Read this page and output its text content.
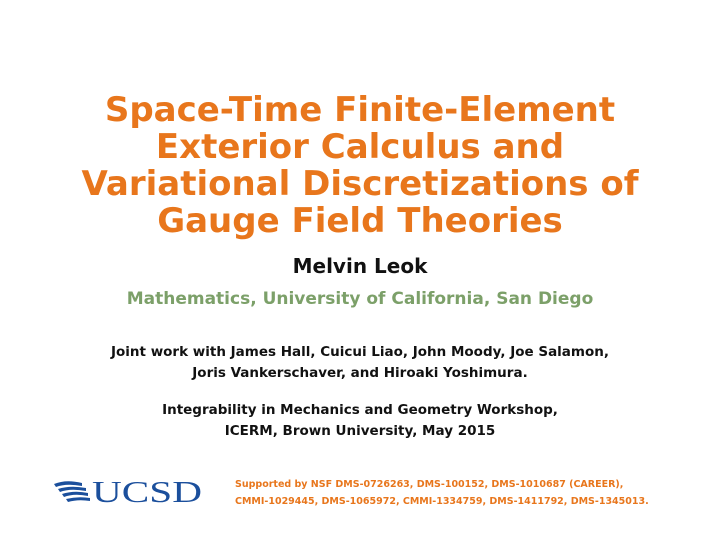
Space-Time Finite-Element
Exterior Calculus and
Variational Discretizations of
Gauge Field Theories
Melvin Leok
Mathematics, University of California, San Diego
Joint work with James Hall, Cuicui Liao, John Moody, Joe Salamon,
Joris Vankerschaver, and Hiroaki Yoshimura.
Integrability in Mechanics and Geometry Workshop,
ICERM, Brown University, May 2015
UCSD	Supported by NSF DMS-0726263, DMS-100152, DMS-1010687 (CAREER),
CMMI-1029445, DMS-1065972, CMMI-1334759, DMS-1411792, DMS-1345013.
